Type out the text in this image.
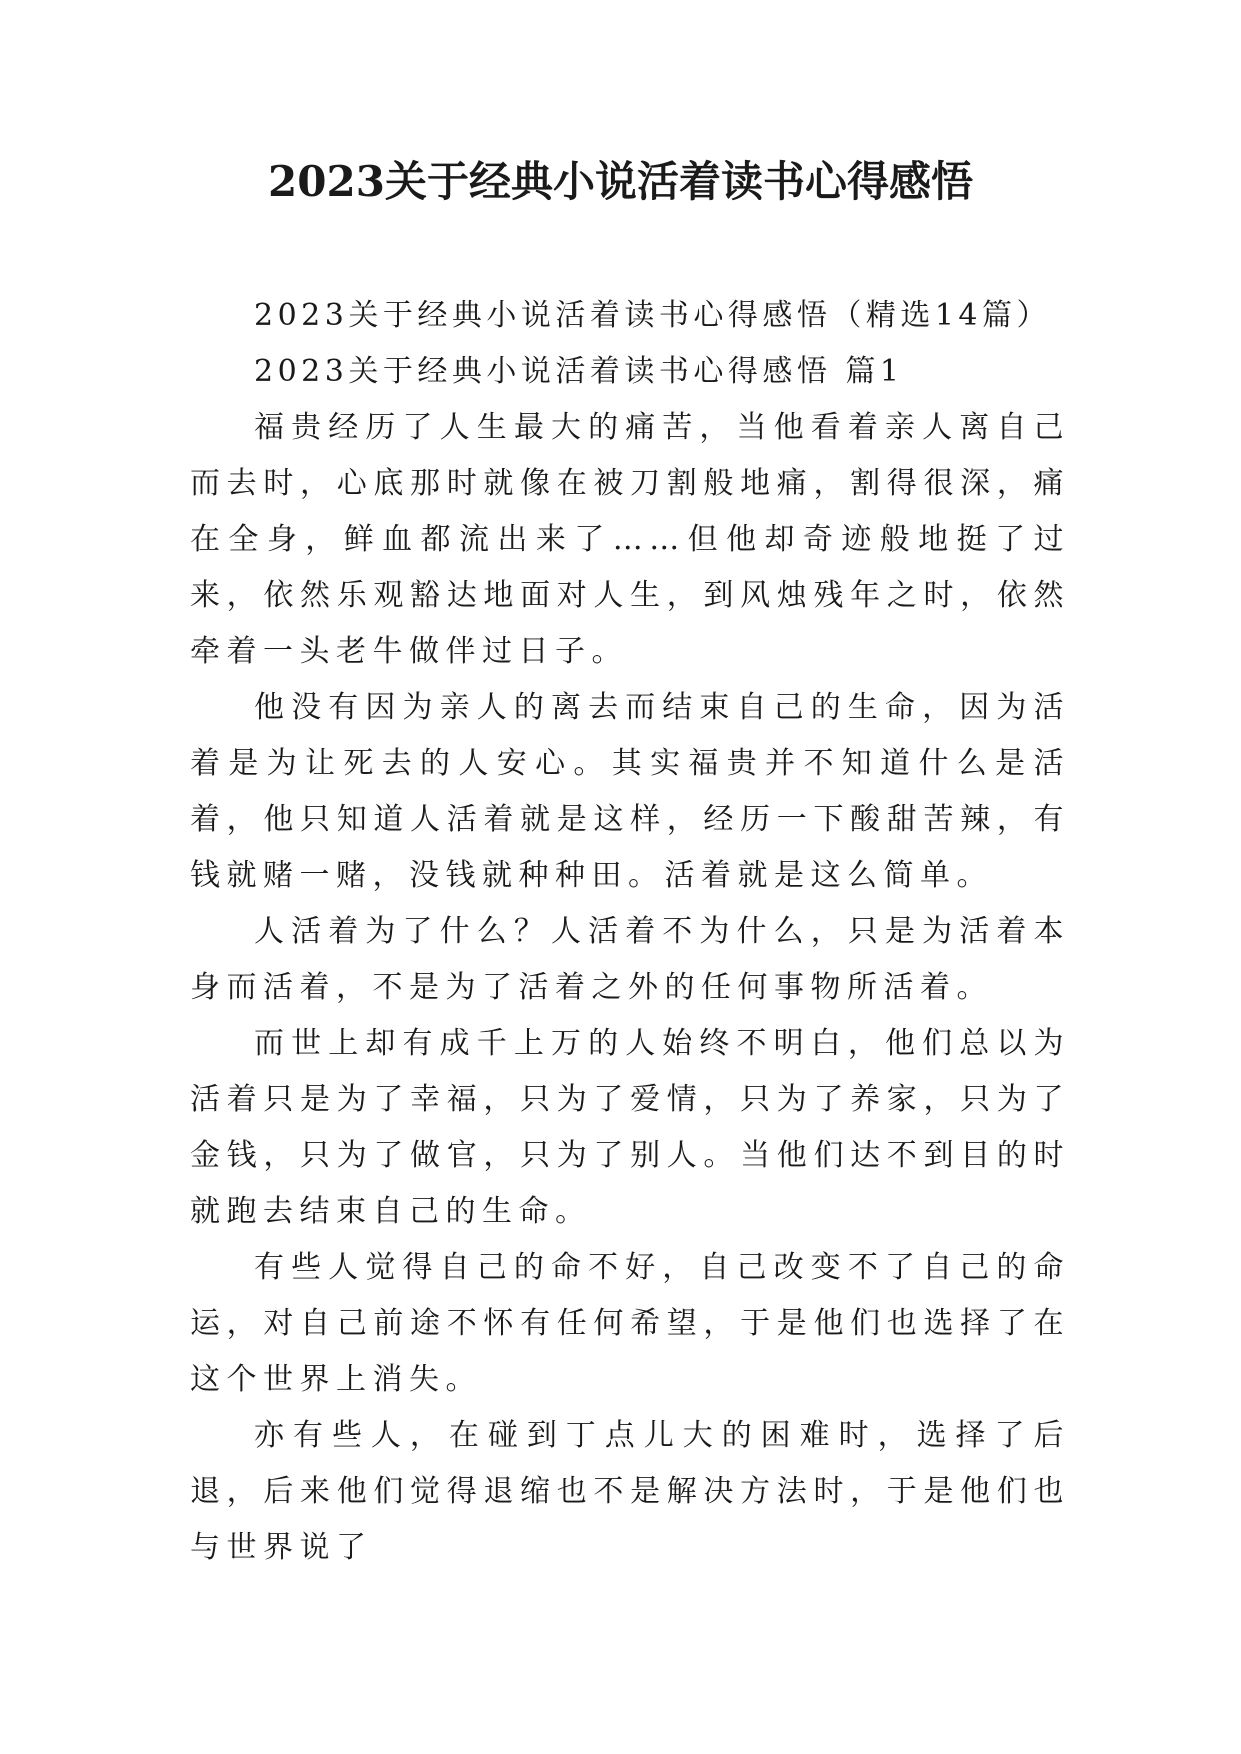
2023关于经典小说活着读书心得感悟

2023关于经典小说活着读书心得感悟（精选14篇）

2023关于经典小说活着读书心得感悟 篇1

福贵经历了人生最大的痛苦，当他看着亲人离自己而去时，心底那时就像在被刀割般地痛，割得很深，痛在全身，鲜血都流出来了……但他却奇迹般地挺了过来，依然乐观豁达地面对人生，到风烛残年之时，依然牵着一头老牛做伴过日子。

他没有因为亲人的离去而结束自己的生命，因为活着是为让死去的人安心。其实福贵并不知道什么是活着，他只知道人活着就是这样，经历一下酸甜苦辣，有钱就赌一赌，没钱就种种田。活着就是这么简单。

人活着为了什么？人活着不为什么，只是为活着本身而活着，不是为了活着之外的任何事物所活着。

而世上却有成千上万的人始终不明白，他们总以为活着只是为了幸福，只为了爱情，只为了养家，只为了金钱，只为了做官，只为了别人。当他们达不到目的时就跑去结束自己的生命。

有些人觉得自己的命不好，自己改变不了自己的命运，对自己前途不怀有任何希望，于是他们也选择了在这个世界上消失。

亦有些人，在碰到丁点儿大的困难时，选择了后退，后来他们觉得退缩也不是解决方法时，于是他们也与世界说了
